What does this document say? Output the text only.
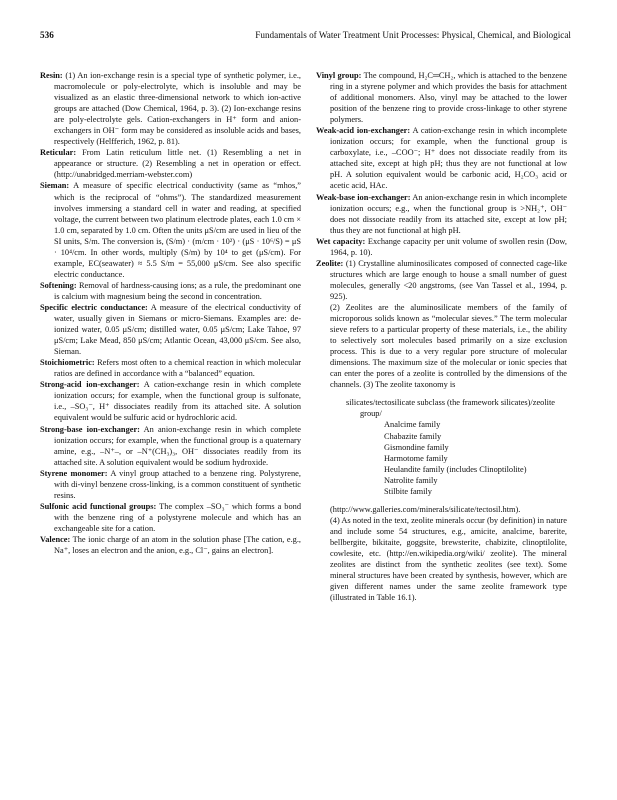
536	Fundamentals of Water Treatment Unit Processes: Physical, Chemical, and Biological

Resin: (1) An ion-exchange resin is a special type of synthetic polymer, i.e., macromolecule or poly-electrolyte, which is insoluble and may be visualized as an elastic three-dimensional network to which ion-active groups are attached (Dow Chemical, 1964, p. 3). (2) Ion-exchange resins are poly-electrolyte gels. Cation-exchangers in H⁺ form and anion-exchangers in OH⁻ form may be considered as insoluble acids and bases, respectively (Helfferich, 1962, p. 81).

Reticular: From Latin reticulum little net. (1) Resembling a net in appearance or structure. (2) Resembling a net in operation or effect. (http://unabridged.merriam-webster.com)

Sieman: A measure of specific electrical conductivity (same as “mhos,” which is the reciprocal of “ohms”). The standardized measurement involves immersing a standard cell in water and reading, at specified voltage, the current between two platinum electrode plates, each 1.0 cm × 1.0 cm, separated by 1.0 cm. Often the units μS/cm are used in lieu of the SI units, S/m. The conversion is, (S/m) · (m/cm · 10²) · (μS · 10⁶/S) = μS · 10⁴/cm. In other words, multiply (S/m) by 10⁴ to get (μS/cm). For example, EC(seawater) ≈ 5.5 S/m = 55,000 μS/cm. See also specific electric conductance.

Softening: Removal of hardness-causing ions; as a rule, the predominant one is calcium with magnesium being the second in concentration.

Specific electric conductance: A measure of the electrical conductivity of water, usually given in Siemans or micro-Siemans. Examples are: de-ionized water, 0.05 μS/cm; distilled water, 0.05 μS/cm; Lake Tahoe, 97 μS/cm; Lake Mead, 850 μS/cm; Atlantic Ocean, 43,000 μS/cm. See also, Sieman.

Stoichiometric: Refers most often to a chemical reaction in which molecular ratios are defined in accordance with a “balanced” equation.

Strong-acid ion-exchanger: A cation-exchange resin in which complete ionization occurs; for example, when the functional group is sulfonate, i.e., –SO₃⁻, H⁺ dissociates readily from its attached site. A solution equivalent would be sulfuric acid or hydrochloric acid.

Strong-base ion-exchanger: An anion-exchange resin in which complete ionization occurs; for example, when the functional group is a quaternary amine, e.g., –N⁺–, or –N⁺(CH₃)₃, OH⁻ dissociates readily from its attached site. A solution equivalent would be sodium hydroxide.

Styrene monomer: A vinyl group attached to a benzene ring. Polystyrene, with di-vinyl benzene cross-linking, is a common constituent of synthetic resins.

Sulfonic acid functional groups: The complex –SO₃⁻ which forms a bond with the benzene ring of a polystyrene molecule and which has an exchangeable site for a cation.

Valence: The ionic charge of an atom in the solution phase [The cation, e.g., Na⁺, loses an electron and the anion, e.g., Cl⁻, gains an electron].

Vinyl group: The compound, H₂C═CH₂, which is attached to the benzene ring in a styrene polymer and which provides the basis for attachment of additional monomers. Also, vinyl may be attached to the lower position of the benzene ring to provide cross-linkage to other styrene polymers.

Weak-acid ion-exchanger: A cation-exchange resin in which incomplete ionization occurs; for example, when the functional group is carboxylate, i.e., –COO⁻; H⁺ does not dissociate readily from its attached site, except at high pH; thus they are not functional at low pH. A solution equivalent would be carbonic acid, H₂CO₃ acid or acetic acid, HAc.

Weak-base ion-exchanger: An anion-exchange resin in which incomplete ionization occurs; e.g., when the functional group is >NH₂⁺, OH⁻ does not dissociate readily from its attached site, except at low pH; thus they are not functional at high pH.

Wet capacity: Exchange capacity per unit volume of swollen resin (Dow, 1964, p. 10).

Zeolite: (1) Crystalline aluminosilicates composed of connected cage-like structures which are large enough to house a small number of guest molecules, generally <20 angstroms, (see Van Tassel et al., 1994, p. 925).

(2) Zeolites are the aluminosilicate members of the family of microporous solids known as “molecular sieves.” The term molecular sieve refers to a particular property of these materials, i.e., the ability to selectively sort molecules based primarily on a size exclusion process. This is due to a very regular pore structure of molecular dimensions. The maximum size of the molecular or ionic species that can enter the pores of a zeolite is controlled by the dimensions of the channels. (3) The zeolite taxonomy is

silicates/tectosilicate subclass (the framework silicates)/zeolite group/

Analcime family

Chabazite family

Gismondine family

Harmotome family

Heulandite family (includes Clinoptilolite)

Natrolite family

Stilbite family

(http://www.galleries.com/minerals/silicate/tectosil.htm).

(4) As noted in the text, zeolite minerals occur (by definition) in nature and include some 54 structures, e.g., amicite, analcime, barerite, bellbergite, bikitaite, goggsite, brewsterite, chabizite, clinoptilolite, cowlesite, etc. (http://en.wikipedia.org/wiki/ zeolite). The mineral zeolites are distinct from the synthetic zeolites (see text). Some mineral structures have been created by synthesis, however, which are given different names under the same zeolite framework type (illustrated in Table 16.1).
